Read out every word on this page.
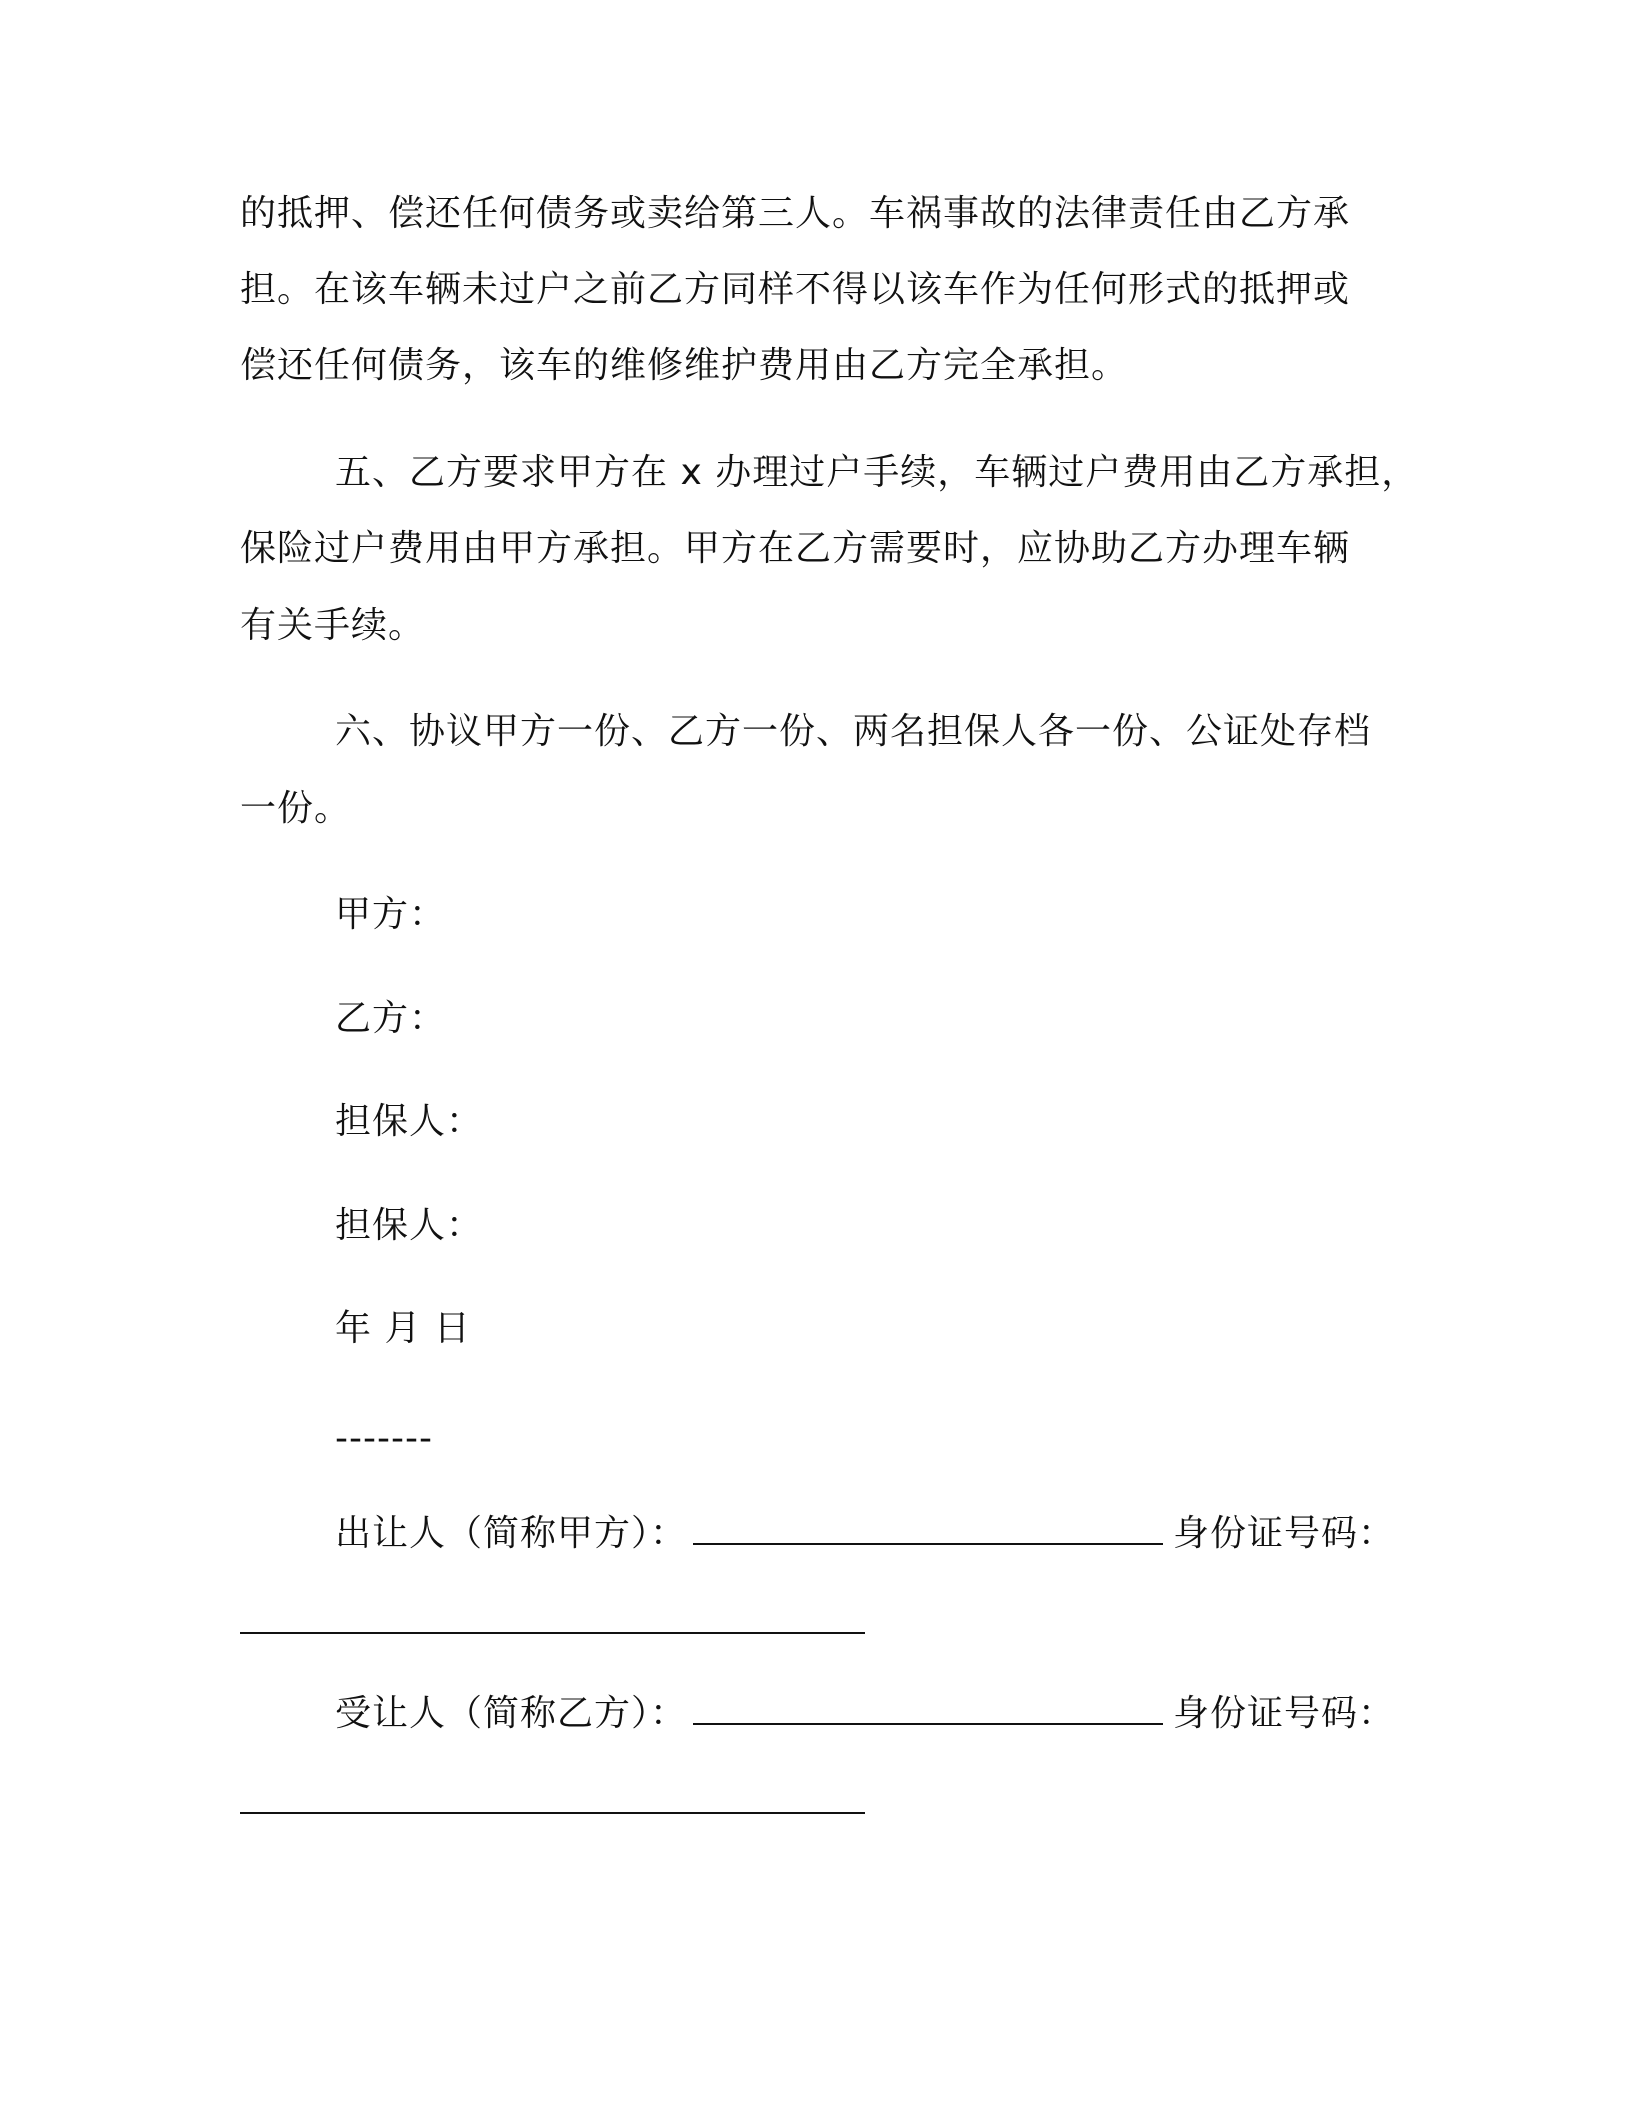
的抵押、偿还任何债务或卖给第三人。车祸事故的法律责任由乙方承
担。在该车辆未过户之前乙方同样不得以该车作为任何形式的抵押或
偿还任何债务，该车的维修维护费用由乙方完全承担。
五、乙方要求甲方在 x 办理过户手续，车辆过户费用由乙方承担，
保险过户费用由甲方承担。甲方在乙方需要时，应协助乙方办理车辆
有关手续。
六、协议甲方一份、乙方一份、两名担保人各一份、公证处存档
一份。
甲方：
乙方：
担保人：
担保人：
年 月 日
-------
出让人（简称甲方）：	身份证号码：
受让人（简称乙方）：	身份证号码：
